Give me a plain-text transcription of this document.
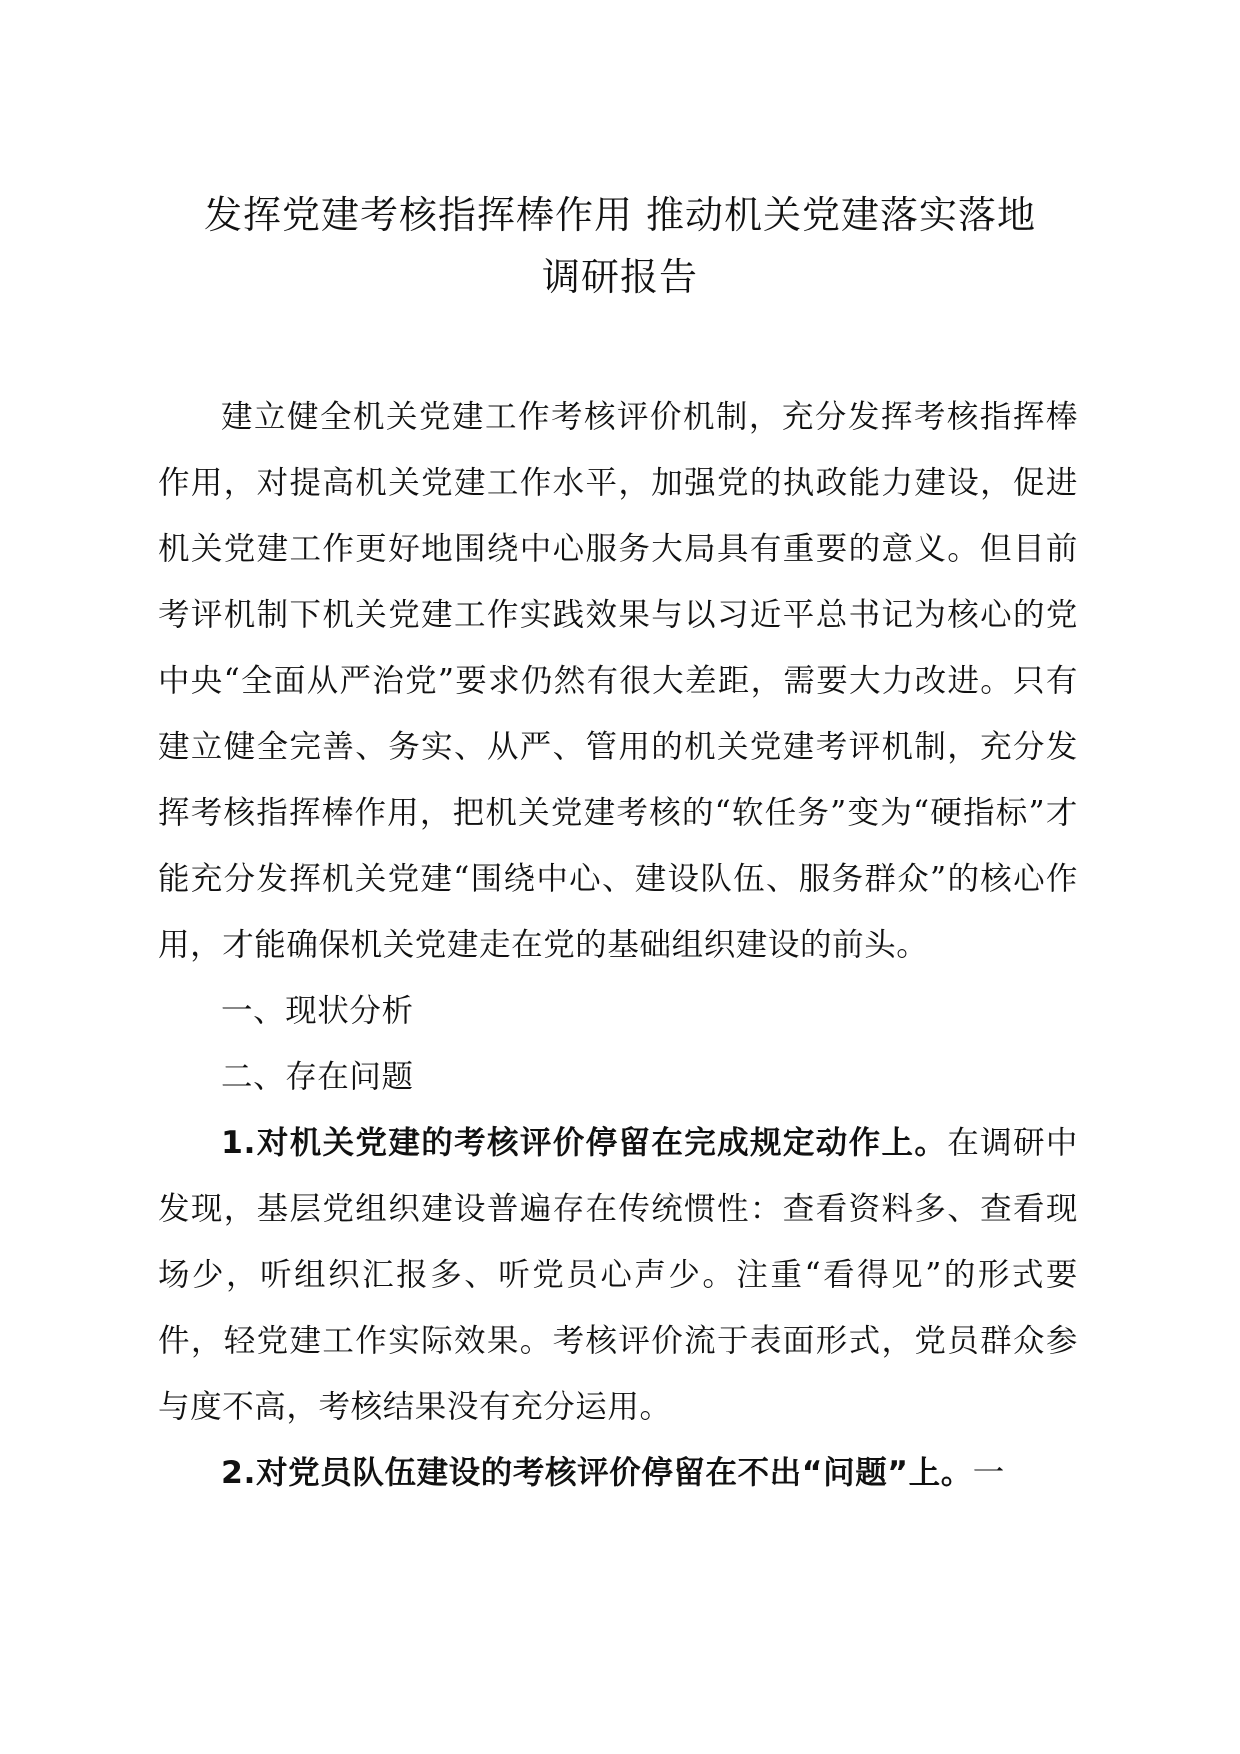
发挥党建考核指挥棒作用 推动机关党建落实落地
调研报告

建立健全机关党建工作考核评价机制，充分发挥考核指挥棒作用，对提高机关党建工作水平，加强党的执政能力建设，促进机关党建工作更好地围绕中心服务大局具有重要的意义。但目前考评机制下机关党建工作实践效果与以习近平总书记为核心的党中央“全面从严治党”要求仍然有很大差距，需要大力改进。只有建立健全完善、务实、从严、管用的机关党建考评机制，充分发挥考核指挥棒作用，把机关党建考核的“软任务”变为“硬指标”才能充分发挥机关党建“围绕中心、建设队伍、服务群众”的核心作用，才能确保机关党建走在党的基础组织建设的前头。

一、现状分析

二、存在问题

1.对机关党建的考核评价停留在完成规定动作上。在调研中发现，基层党组织建设普遍存在传统惯性：查看资料多、查看现场少，听组织汇报多、听党员心声少。注重“看得见”的形式要件，轻党建工作实际效果。考核评价流于表面形式，党员群众参与度不高，考核结果没有充分运用。

2.对党员队伍建设的考核评价停留在不出“问题”上。一
